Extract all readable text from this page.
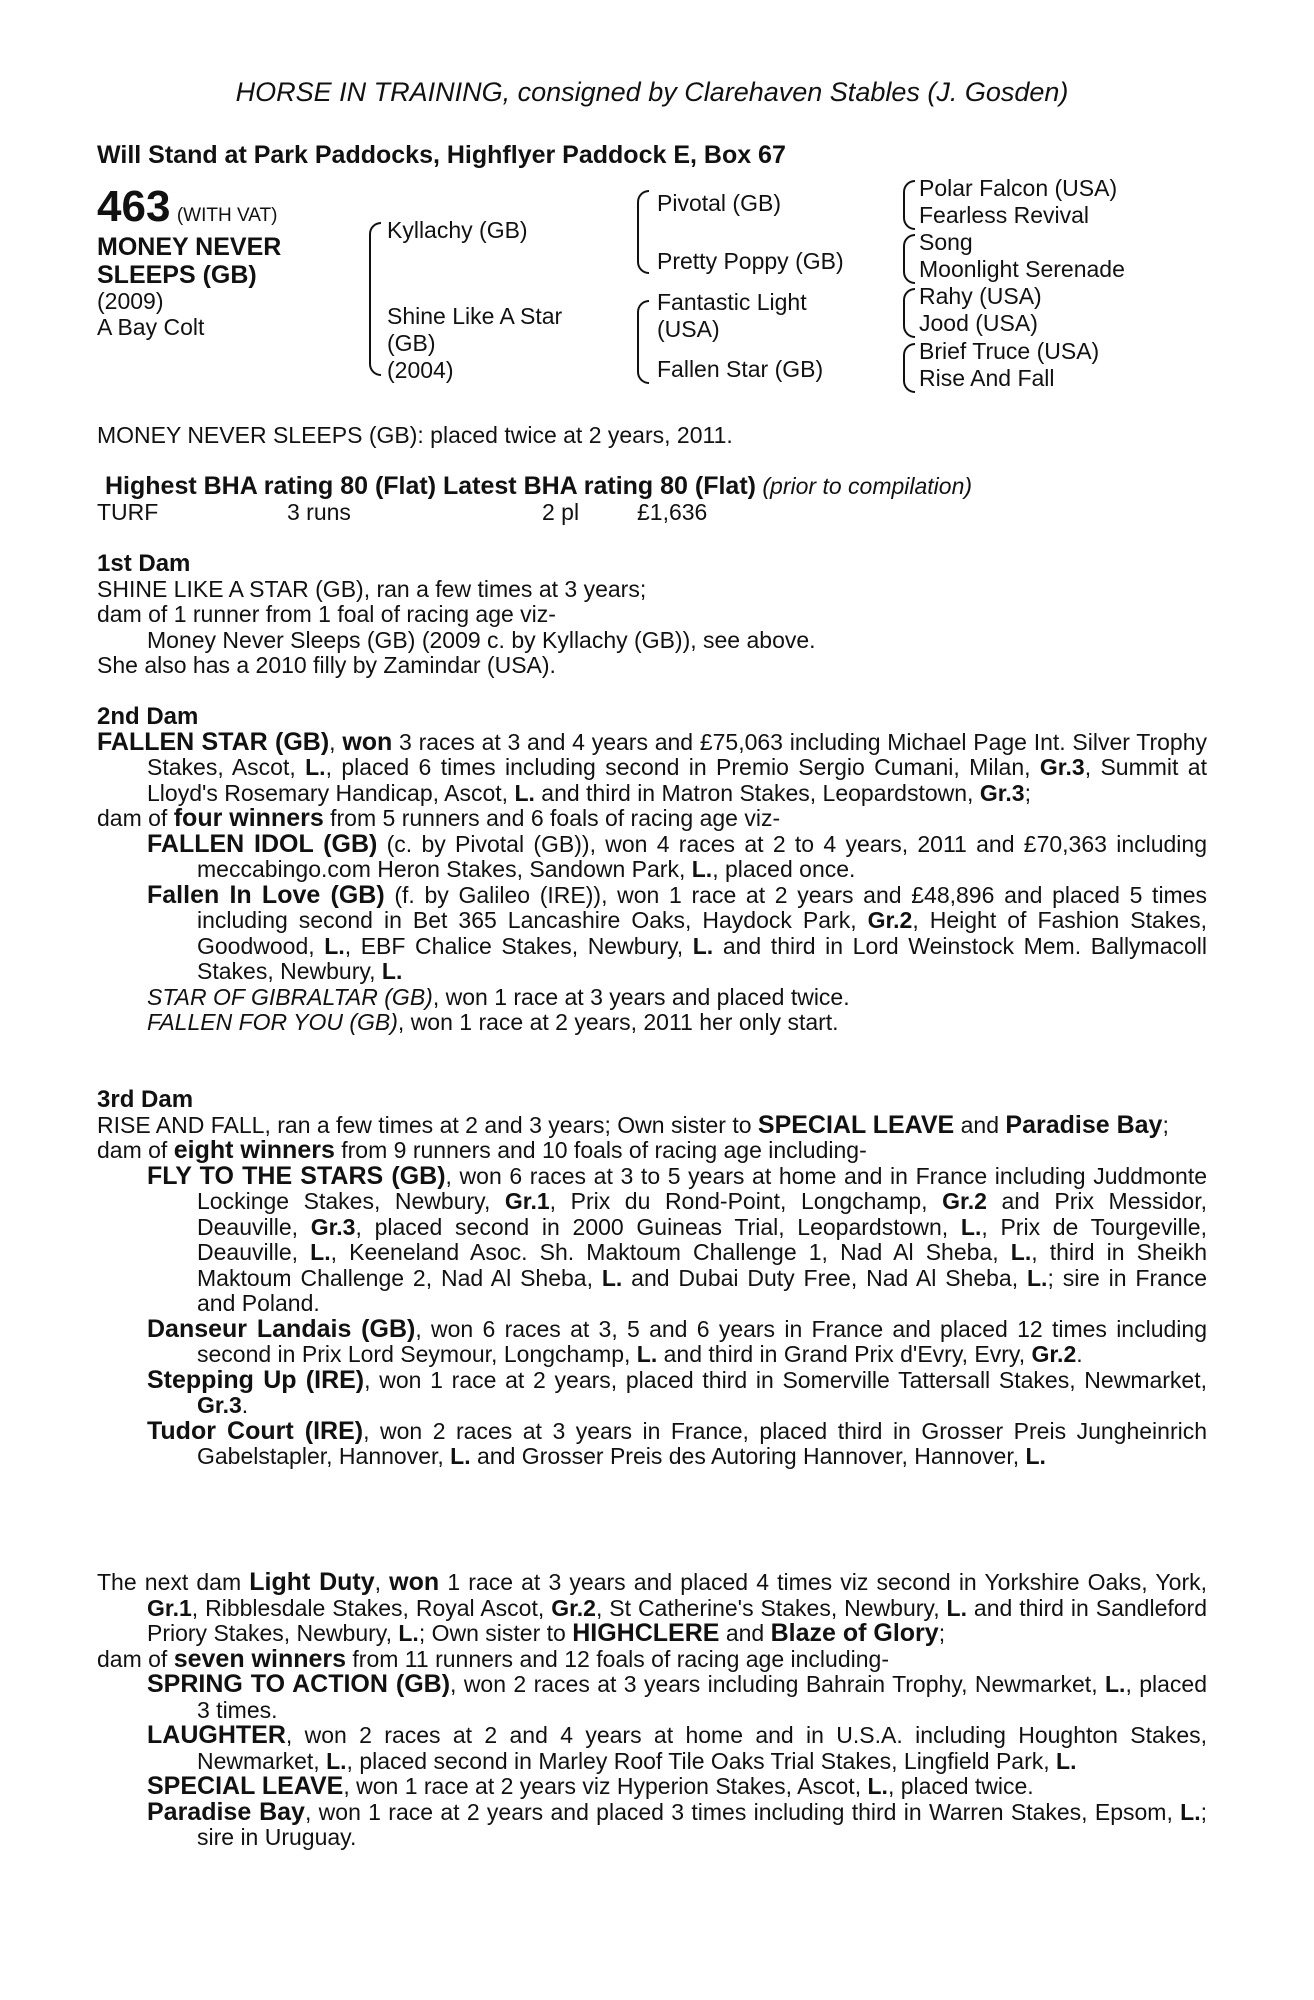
HORSE IN TRAINING, consigned by Clarehaven Stables (J. Gosden)
Will Stand at Park Paddocks, Highflyer Paddock E, Box 67
463 (WITH VAT)
MONEY NEVER
SLEEPS (GB)
(2009)
A Bay Colt
Kyllachy (GB)
Shine Like A Star
(GB)
(2004)
Pivotal (GB)
Pretty Poppy (GB)
Fantastic Light
(USA)
Fallen Star (GB)
Polar Falcon (USA)
Fearless Revival
Song
Moonlight Serenade
Rahy (USA)
Jood (USA)
Brief Truce (USA)
Rise And Fall
MONEY NEVER SLEEPS (GB): placed twice at 2 years, 2011.
Highest BHA rating 80 (Flat) Latest BHA rating 80 (Flat) (prior to compilation)
TURF	3 runs	2 pl	£1,636
1st Dam
SHINE LIKE A STAR (GB), ran a few times at 3 years;
dam of 1 runner from 1 foal of racing age viz-
Money Never Sleeps (GB) (2009 c. by Kyllachy (GB)), see above.
She also has a 2010 filly by Zamindar (USA).
2nd Dam
FALLEN STAR (GB), won 3 races at 3 and 4 years and £75,063 including Michael Page Int. Silver Trophy Stakes, Ascot, L., placed 6 times including second in Premio Sergio Cumani, Milan, Gr.3, Summit at Lloyd's Rosemary Handicap, Ascot, L. and third in Matron Stakes, Leopardstown, Gr.3;
dam of four winners from 5 runners and 6 foals of racing age viz-
FALLEN IDOL (GB) (c. by Pivotal (GB)), won 4 races at 2 to 4 years, 2011 and £70,363 including meccabingo.com Heron Stakes, Sandown Park, L., placed once.
Fallen In Love (GB) (f. by Galileo (IRE)), won 1 race at 2 years and £48,896 and placed 5 times including second in Bet 365 Lancashire Oaks, Haydock Park, Gr.2, Height of Fashion Stakes, Goodwood, L., EBF Chalice Stakes, Newbury, L. and third in Lord Weinstock Mem. Ballymacoll Stakes, Newbury, L.
STAR OF GIBRALTAR (GB), won 1 race at 3 years and placed twice.
FALLEN FOR YOU (GB), won 1 race at 2 years, 2011 her only start.
3rd Dam
RISE AND FALL, ran a few times at 2 and 3 years; Own sister to SPECIAL LEAVE and Paradise Bay;
dam of eight winners from 9 runners and 10 foals of racing age including-
FLY TO THE STARS (GB), won 6 races at 3 to 5 years at home and in France including Juddmonte Lockinge Stakes, Newbury, Gr.1, Prix du Rond-Point, Longchamp, Gr.2 and Prix Messidor, Deauville, Gr.3, placed second in 2000 Guineas Trial, Leopardstown, L., Prix de Tourgeville, Deauville, L., Keeneland Asoc. Sh. Maktoum Challenge 1, Nad Al Sheba, L., third in Sheikh Maktoum Challenge 2, Nad Al Sheba, L. and Dubai Duty Free, Nad Al Sheba, L.; sire in France and Poland.
Danseur Landais (GB), won 6 races at 3, 5 and 6 years in France and placed 12 times including second in Prix Lord Seymour, Longchamp, L. and third in Grand Prix d'Evry, Evry, Gr.2.
Stepping Up (IRE), won 1 race at 2 years, placed third in Somerville Tattersall Stakes, Newmarket, Gr.3.
Tudor Court (IRE), won 2 races at 3 years in France, placed third in Grosser Preis Jungheinrich Gabelstapler, Hannover, L. and Grosser Preis des Autoring Hannover, Hannover, L.
The next dam Light Duty, won 1 race at 3 years and placed 4 times viz second in Yorkshire Oaks, York, Gr.1, Ribblesdale Stakes, Royal Ascot, Gr.2, St Catherine's Stakes, Newbury, L. and third in Sandleford Priory Stakes, Newbury, L.; Own sister to HIGHCLERE and Blaze of Glory;
dam of seven winners from 11 runners and 12 foals of racing age including-
SPRING TO ACTION (GB), won 2 races at 3 years including Bahrain Trophy, Newmarket, L., placed 3 times.
LAUGHTER, won 2 races at 2 and 4 years at home and in U.S.A. including Houghton Stakes, Newmarket, L., placed second in Marley Roof Tile Oaks Trial Stakes, Lingfield Park, L.
SPECIAL LEAVE, won 1 race at 2 years viz Hyperion Stakes, Ascot, L., placed twice.
Paradise Bay, won 1 race at 2 years and placed 3 times including third in Warren Stakes, Epsom, L.; sire in Uruguay.
